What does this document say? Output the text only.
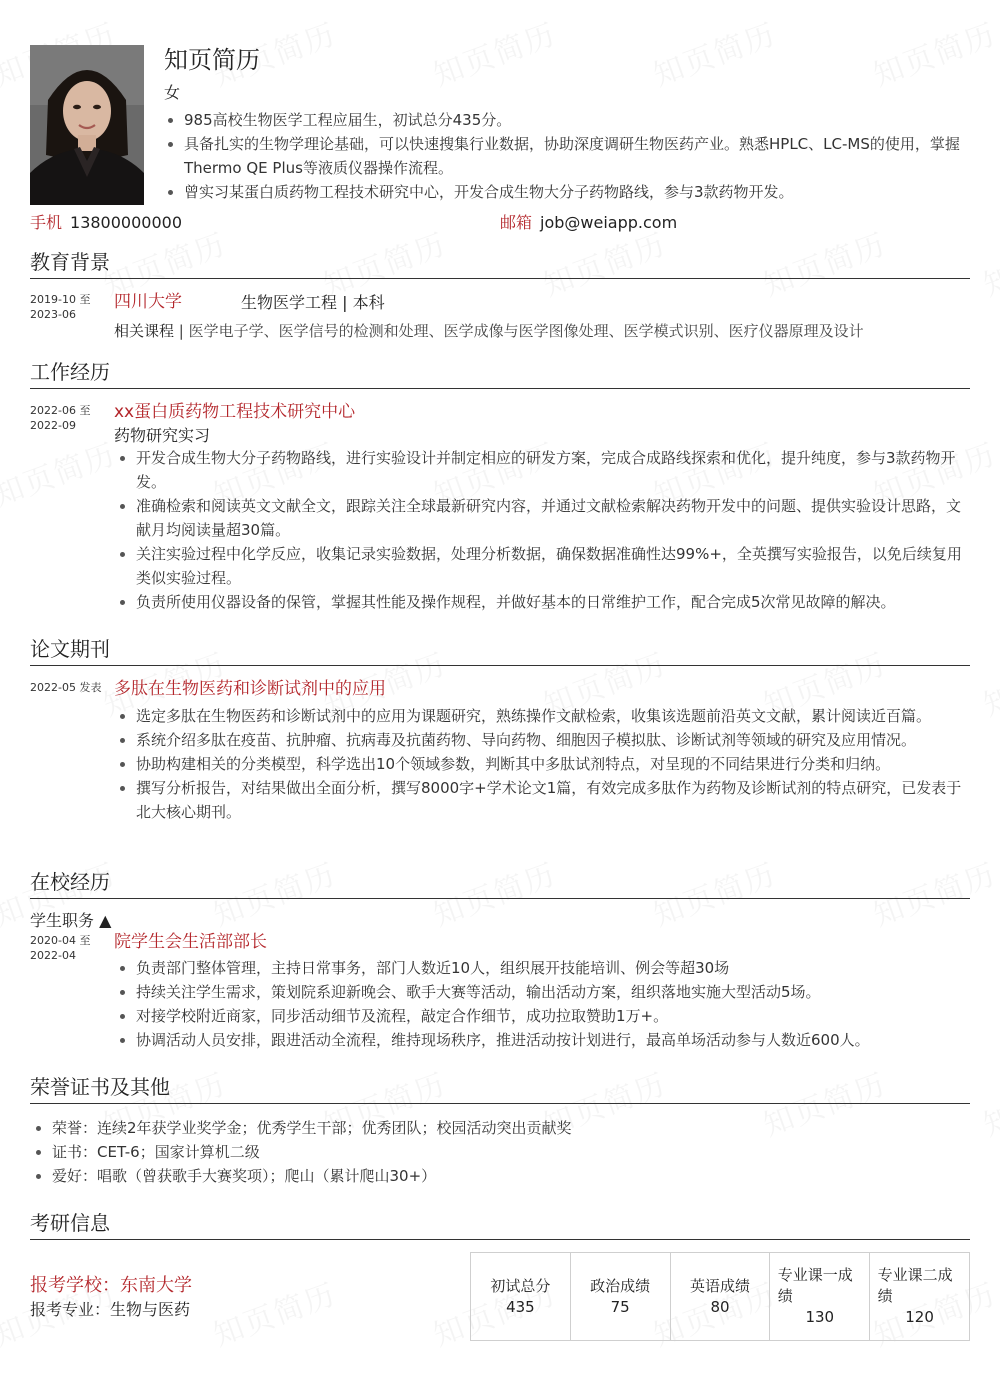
知页简历
女
985高校生物医学工程应届生，初试总分435分。
具备扎实的生物学理论基础，可以快速搜集行业数据，协助深度调研生物医药产业。熟悉HPLC、LC-MS的使用，掌握Thermo QE Plus等液质仪器操作流程。
曾实习某蛋白质药物工程技术研究中心，开发合成生物大分子药物路线，参与3款药物开发。
手机 13800000000	邮箱 job@weiapp.com
教育背景
2019-10 至 2023-06
四川大学	生物医学工程 | 本科
相关课程 | 医学电子学、医学信号的检测和处理、医学成像与医学图像处理、医学模式识别、医疗仪器原理及设计
工作经历
2022-06 至 2022-09
xx蛋白质药物工程技术研究中心
药物研究实习
开发合成生物大分子药物路线，进行实验设计并制定相应的研发方案，完成合成路线探索和优化，提升纯度，参与3款药物开发。
准确检索和阅读英文文献全文，跟踪关注全球最新研究内容，并通过文献检索解决药物开发中的问题、提供实验设计思路，文献月均阅读量超30篇。
关注实验过程中化学反应，收集记录实验数据，处理分析数据，确保数据准确性达99%+，全英撰写实验报告，以免后续复用类似实验过程。
负责所使用仪器设备的保管，掌握其性能及操作规程，并做好基本的日常维护工作，配合完成5次常见故障的解决。
论文期刊
2022-05 发表 多肽在生物医药和诊断试剂中的应用
选定多肽在生物医药和诊断试剂中的应用为课题研究，熟练操作文献检索，收集该选题前沿英文文献，累计阅读近百篇。
系统介绍多肽在疫苗、抗肿瘤、抗病毒及抗菌药物、导向药物、细胞因子模拟肽、诊断试剂等领域的研究及应用情况。
协助构建相关的分类模型，科学选出10个领域参数，判断其中多肽试剂特点，对呈现的不同结果进行分类和归纳。
撰写分析报告，对结果做出全面分析，撰写8000字+学术论文1篇，有效完成多肽作为药物及诊断试剂的特点研究，已发表于北大核心期刊。
在校经历
学生职务 ▲
2020-04 至 2022-04
院学生会生活部部长
负责部门整体管理，主持日常事务，部门人数近10人，组织展开技能培训、例会等超30场
持续关注学生需求，策划院系迎新晚会、歌手大赛等活动，输出活动方案，组织落地实施大型活动5场。
对接学校附近商家，同步活动细节及流程，敲定合作细节，成功拉取赞助1万+。
协调活动人员安排，跟进活动全流程，维持现场秩序，推进活动按计划进行，最高单场活动参与人数近600人。
荣誉证书及其他
荣誉：连续2年获学业奖学金；优秀学生干部；优秀团队；校园活动突出贡献奖
证书：CET-6；国家计算机二级
爱好：唱歌（曾获歌手大赛奖项）；爬山（累计爬山30+）
考研信息
报考学校：东南大学
报考专业：生物与医药
初试总分
435
政治成绩
75
英语成绩
80
专业课一成绩
130
专业课二成绩
120
